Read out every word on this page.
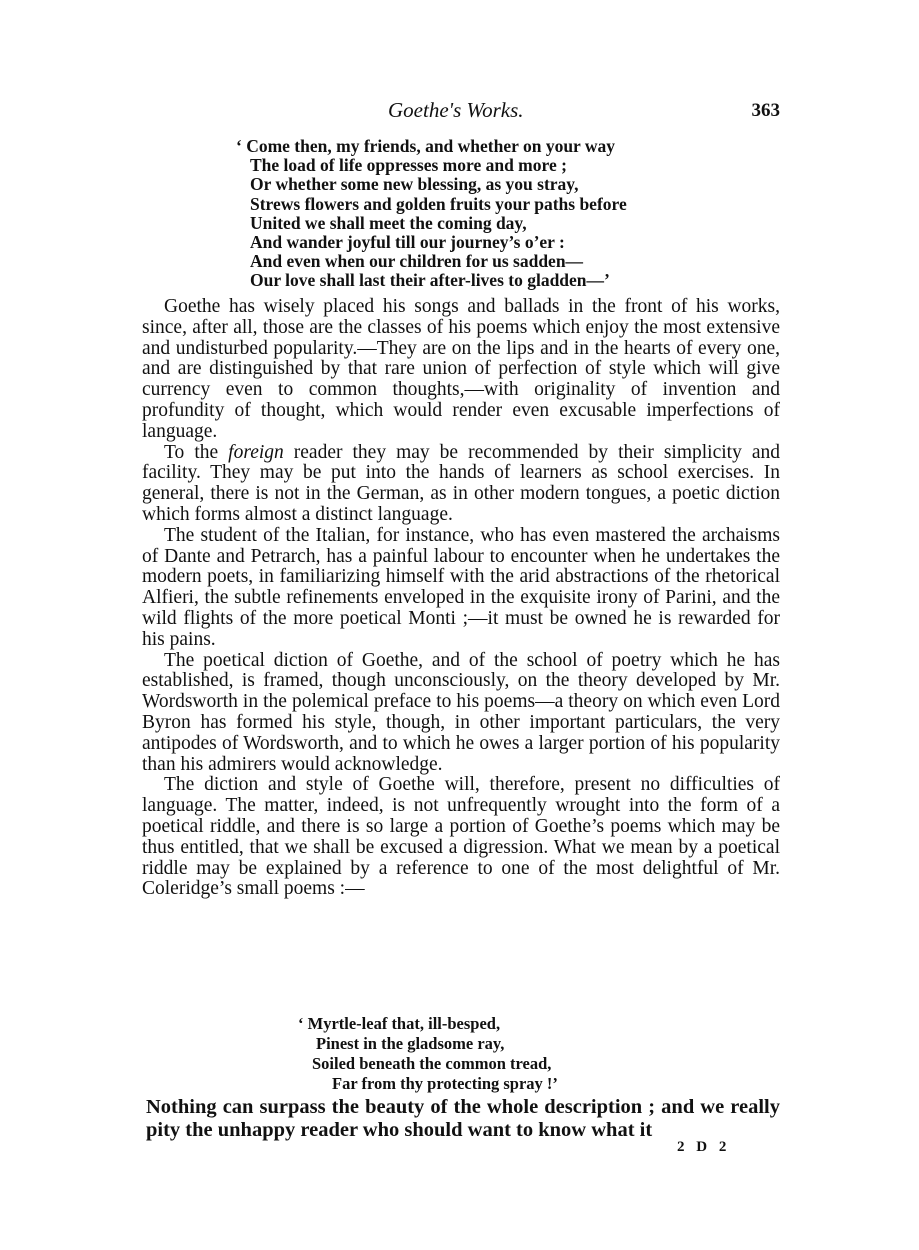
Goethe's Works.	363
‘ Come then, my friends, and whether on your way
The load of life oppresses more and more ;
Or whether some new blessing, as you stray,
Strews flowers and golden fruits your paths before
United we shall meet the coming day,
And wander joyful till our journey’s o’er :
And even when our children for us sadden—
Our love shall last their after-lives to gladden—’

Goethe has wisely placed his songs and ballads in the front of his works, since, after all, those are the classes of his poems which enjoy the most extensive and undisturbed popularity.—They are on the lips and in the hearts of every one, and are distinguished by that rare union of perfection of style which will give currency even to common thoughts,—with originality of invention and profundity of thought, which would render even excusable imperfections of language.

To the foreign reader they may be recommended by their simplicity and facility. They may be put into the hands of learners as school exercises. In general, there is not in the German, as in other modern tongues, a poetic diction which forms almost a distinct language.

The student of the Italian, for instance, who has even mastered the archaisms of Dante and Petrarch, has a painful labour to encounter when he undertakes the modern poets, in familiarizing himself with the arid abstractions of the rhetorical Alfieri, the subtle refinements enveloped in the exquisite irony of Parini, and the wild flights of the more poetical Monti ;—it must be owned he is rewarded for his pains.

The poetical diction of Goethe, and of the school of poetry which he has established, is framed, though unconsciously, on the theory developed by Mr. Wordsworth in the polemical preface to his poems—a theory on which even Lord Byron has formed his style, though, in other important particulars, the very antipodes of Wordsworth, and to which he owes a larger portion of his popularity than his admirers would acknowledge.

The diction and style of Goethe will, therefore, present no difficulties of language. The matter, indeed, is not unfrequently wrought into the form of a poetical riddle, and there is so large a portion of Goethe’s poems which may be thus entitled, that we shall be excused a digression. What we mean by a poetical riddle may be explained by a reference to one of the most delightful of Mr. Coleridge’s small poems :—

‘ Myrtle-leaf that, ill-besped,
Pinest in the gladsome ray,
Soiled beneath the common tread,
Far from thy protecting spray !’

Nothing can surpass the beauty of the whole description ; and we really pity the unhappy reader who should want to know what it

2 D 2
